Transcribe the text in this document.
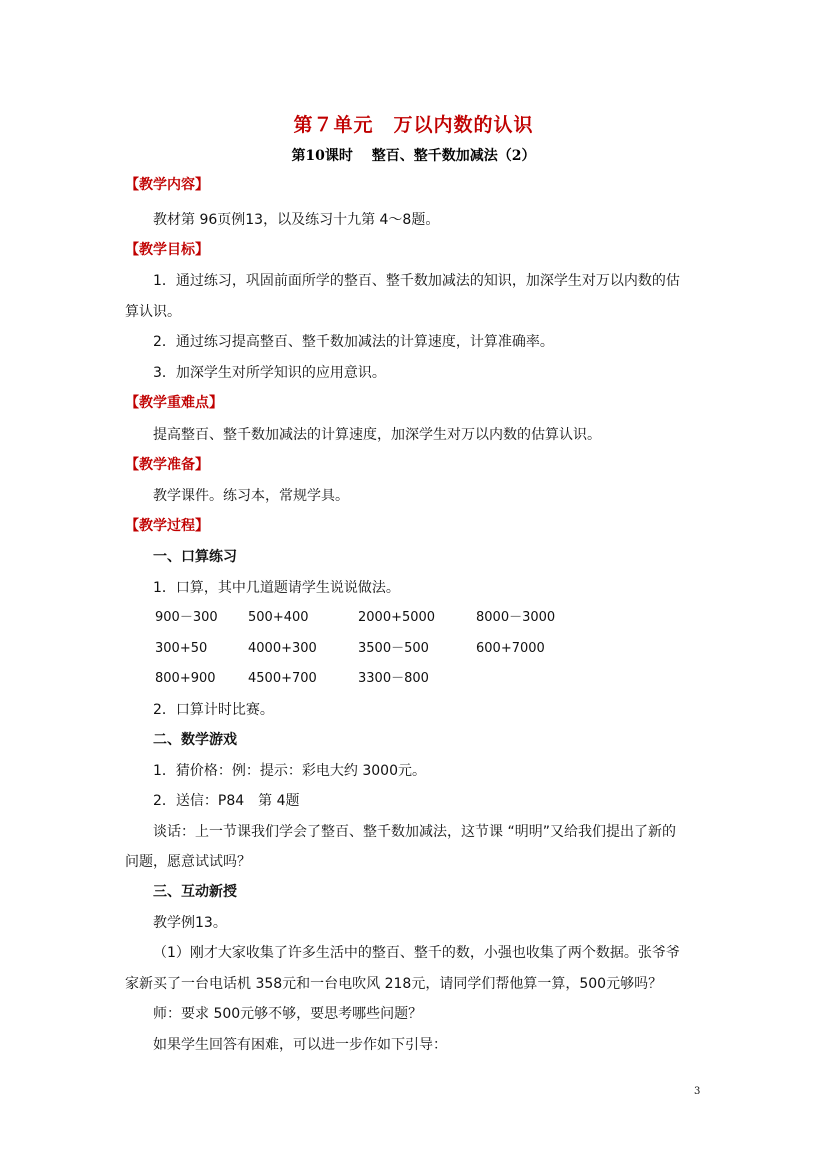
第７单元　万以内数的认识
第10课时　 整百、整千数加减法（2）
【教学内容】
教材第 96页例13，以及练习十九第 4～8题。
【教学目标】
1．通过练习，巩固前面所学的整百、整千数加减法的知识，加深学生对万以内数的估
算认识。
2．通过练习提高整百、整千数加减法的计算速度，计算准确率。
3．加深学生对所学知识的应用意识。
【教学重难点】
提高整百、整千数加减法的计算速度，加深学生对万以内数的估算认识。
【教学准备】
教学课件。练习本，常规学具。
【教学过程】
一、口算练习
1．口算，其中几道题请学生说说做法。
900－300 500+400	2000+5000	8000－3000
300+50	4000+300	3500－500	600+7000
800+900 4500+700	3300－800
2．口算计时比赛。
二、数学游戏
1．猜价格：例：提示：彩电大约 3000元。
2．送信：P84　第 4题
谈话：上一节课我们学会了整百、整千数加减法，这节课 “明明”又给我们提出了新的
问题，愿意试试吗？
三、互动新授
教学例13。
（1）刚才大家收集了许多生活中的整百、整千的数，小强也收集了两个数据。张爷爷
家新买了一台电话机 358元和一台电吹风 218元，请同学们帮他算一算，500元够吗？
师：要求 500元够不够，要思考哪些问题？
如果学生回答有困难，可以进一步作如下引导：
3
